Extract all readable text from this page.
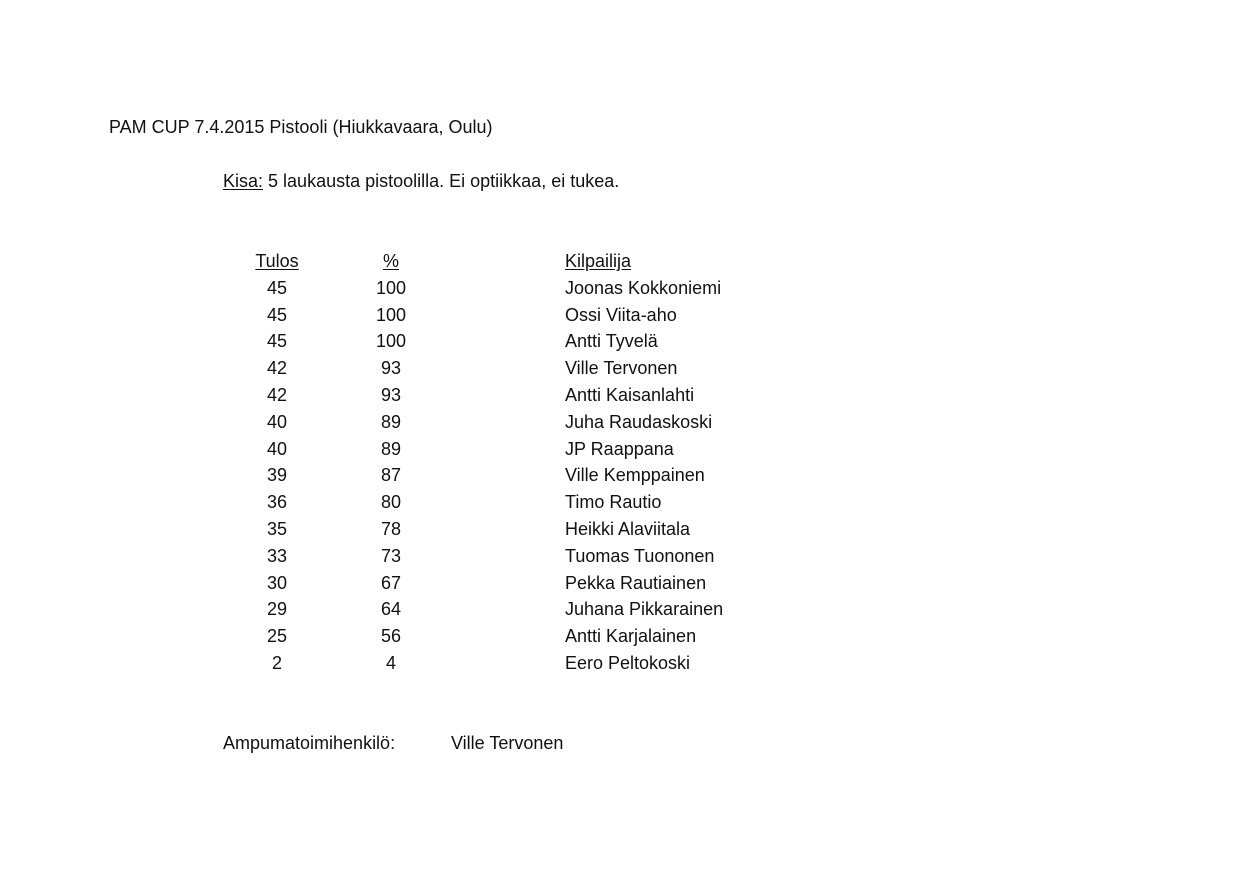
PAM CUP 7.4.2015 Pistooli (Hiukkavaara, Oulu)
Kisa: 5 laukausta pistoolilla. Ei optiikkaa, ei tukea.
Tulos	%	Kilpailija
45	100	Joonas Kokkoniemi
45	100	Ossi Viita-aho
45	100	Antti Tyvelä
42	93	Ville Tervonen
42	93	Antti Kaisanlahti
40	89	Juha Raudaskoski
40	89	JP Raappana
39	87	Ville Kemppainen
36	80	Timo Rautio
35	78	Heikki Alaviitala
33	73	Tuomas Tuononen
30	67	Pekka Rautiainen
29	64	Juhana Pikkarainen
25	56	Antti Karjalainen
2	4	Eero Peltokoski
Ampumatoimihenkilö:	Ville Tervonen
